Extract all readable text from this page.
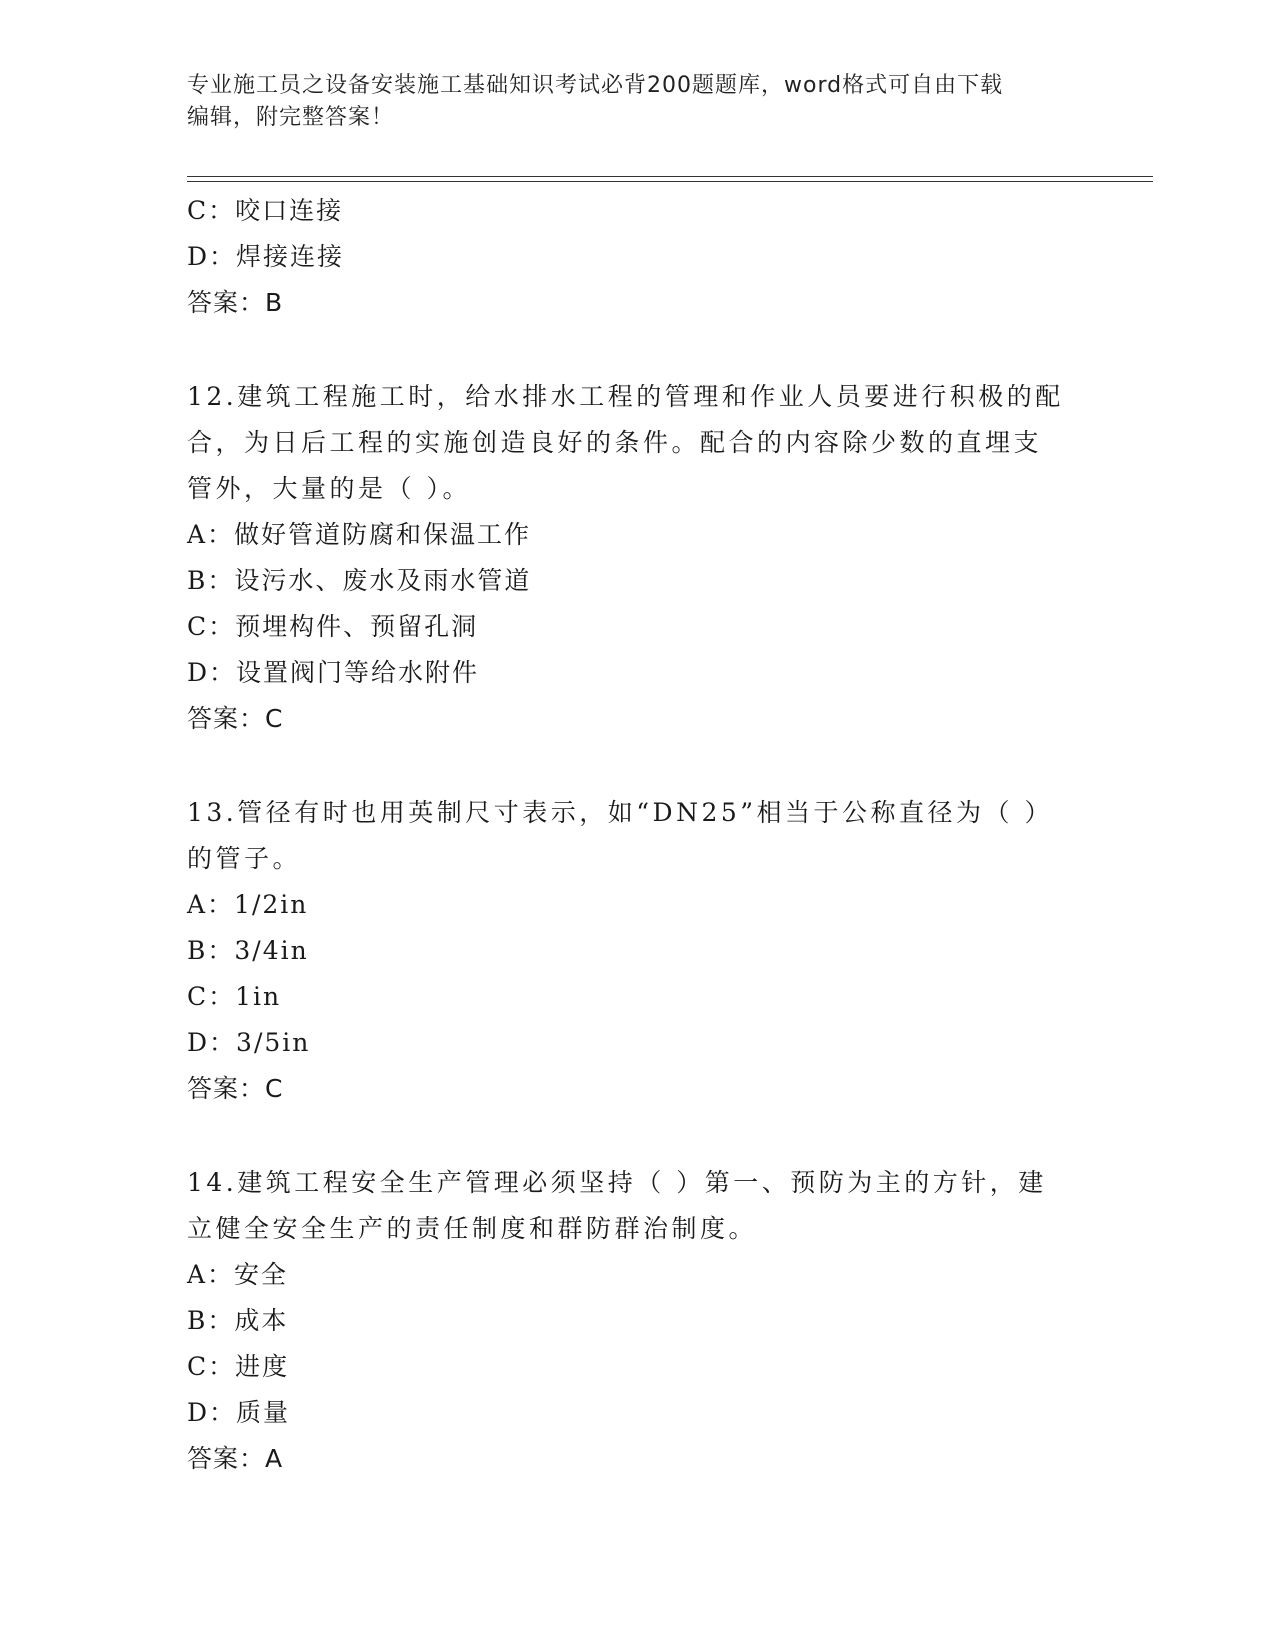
专业施工员之设备安装施工基础知识考试必背200题题库，word格式可自由下载
编辑，附完整答案！
C：咬口连接
D：焊接连接
答案：B
12.建筑工程施工时，给水排水工程的管理和作业人员要进行积极的配
合，为日后工程的实施创造良好的条件。配合的内容除少数的直埋支
管外，大量的是（ ）。
A：做好管道防腐和保温工作
B：设污水、废水及雨水管道
C：预埋构件、预留孔洞
D：设置阀门等给水附件
答案：C
13.管径有时也用英制尺寸表示，如“DN25”相当于公称直径为（ ）
的管子。
A：1/2in
B：3/4in
C：1in
D：3/5in
答案：C
14.建筑工程安全生产管理必须坚持（ ）第一、预防为主的方针，建
立健全安全生产的责任制度和群防群治制度。
A：安全
B：成本
C：进度
D：质量
答案：A
